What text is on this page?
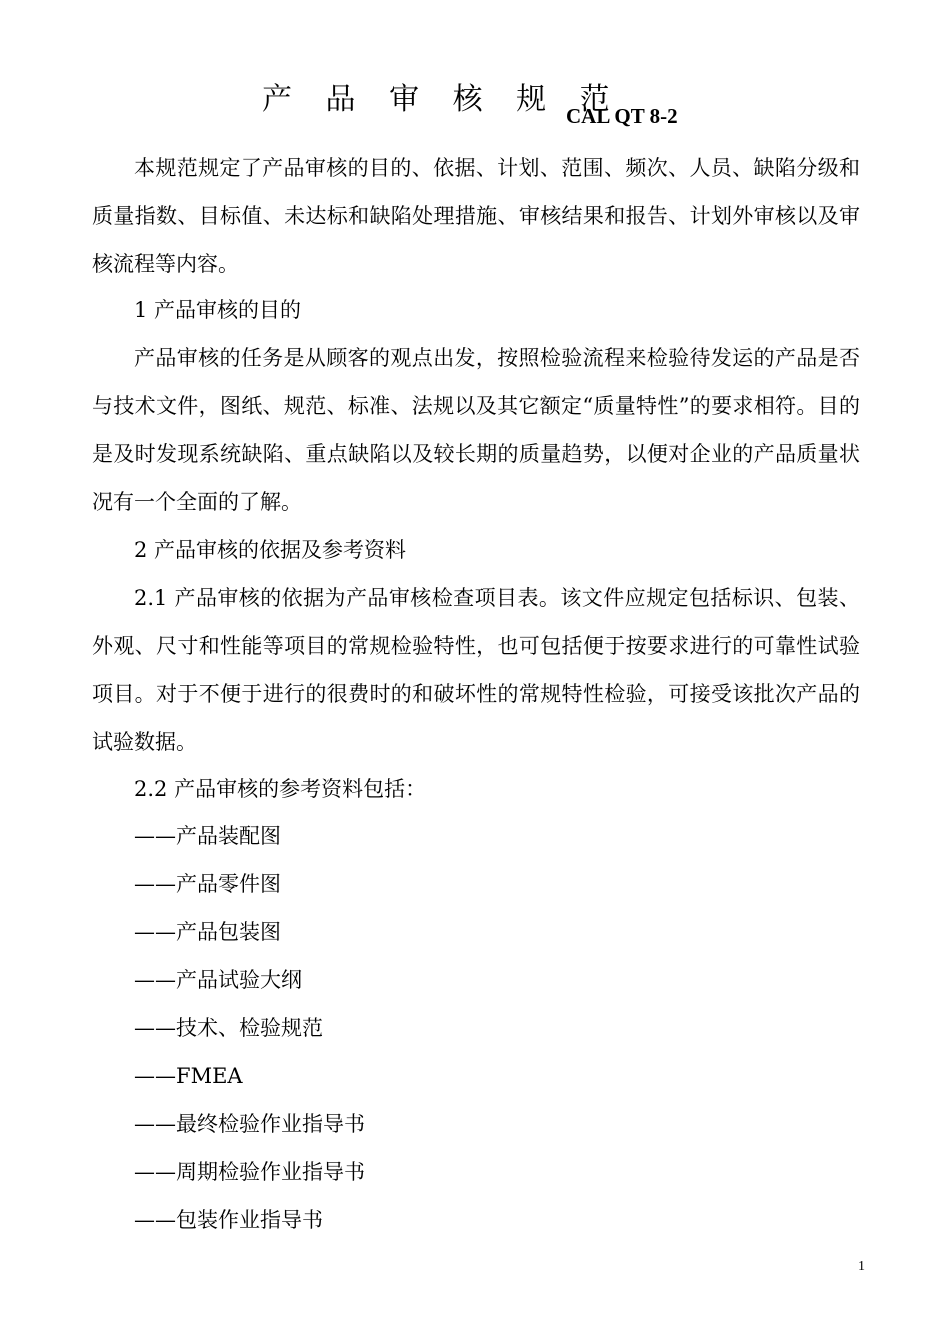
产 品 审 核 规 范
CAL QT 8-2
本规范规定了产品审核的目的、依据、计划、范围、频次、人员、缺陷分级和质量指数、目标值、未达标和缺陷处理措施、审核结果和报告、计划外审核以及审核流程等内容。
1 产品审核的目的
产品审核的任务是从顾客的观点出发，按照检验流程来检验待发运的产品是否与技术文件，图纸、规范、标准、法规以及其它额定“质量特性”的要求相符。目的是及时发现系统缺陷、重点缺陷以及较长期的质量趋势，以便对企业的产品质量状况有一个全面的了解。
2 产品审核的依据及参考资料
2.1 产品审核的依据为产品审核检查项目表。该文件应规定包括标识、包装、外观、尺寸和性能等项目的常规检验特性，也可包括便于按要求进行的可靠性试验项目。对于不便于进行的很费时的和破坏性的常规特性检验，可接受该批次产品的试验数据。
2.2 产品审核的参考资料包括：
——产品装配图
——产品零件图
——产品包装图
——产品试验大纲
——技术、检验规范
——FMEA
——最终检验作业指导书
——周期检验作业指导书
——包装作业指导书
1
